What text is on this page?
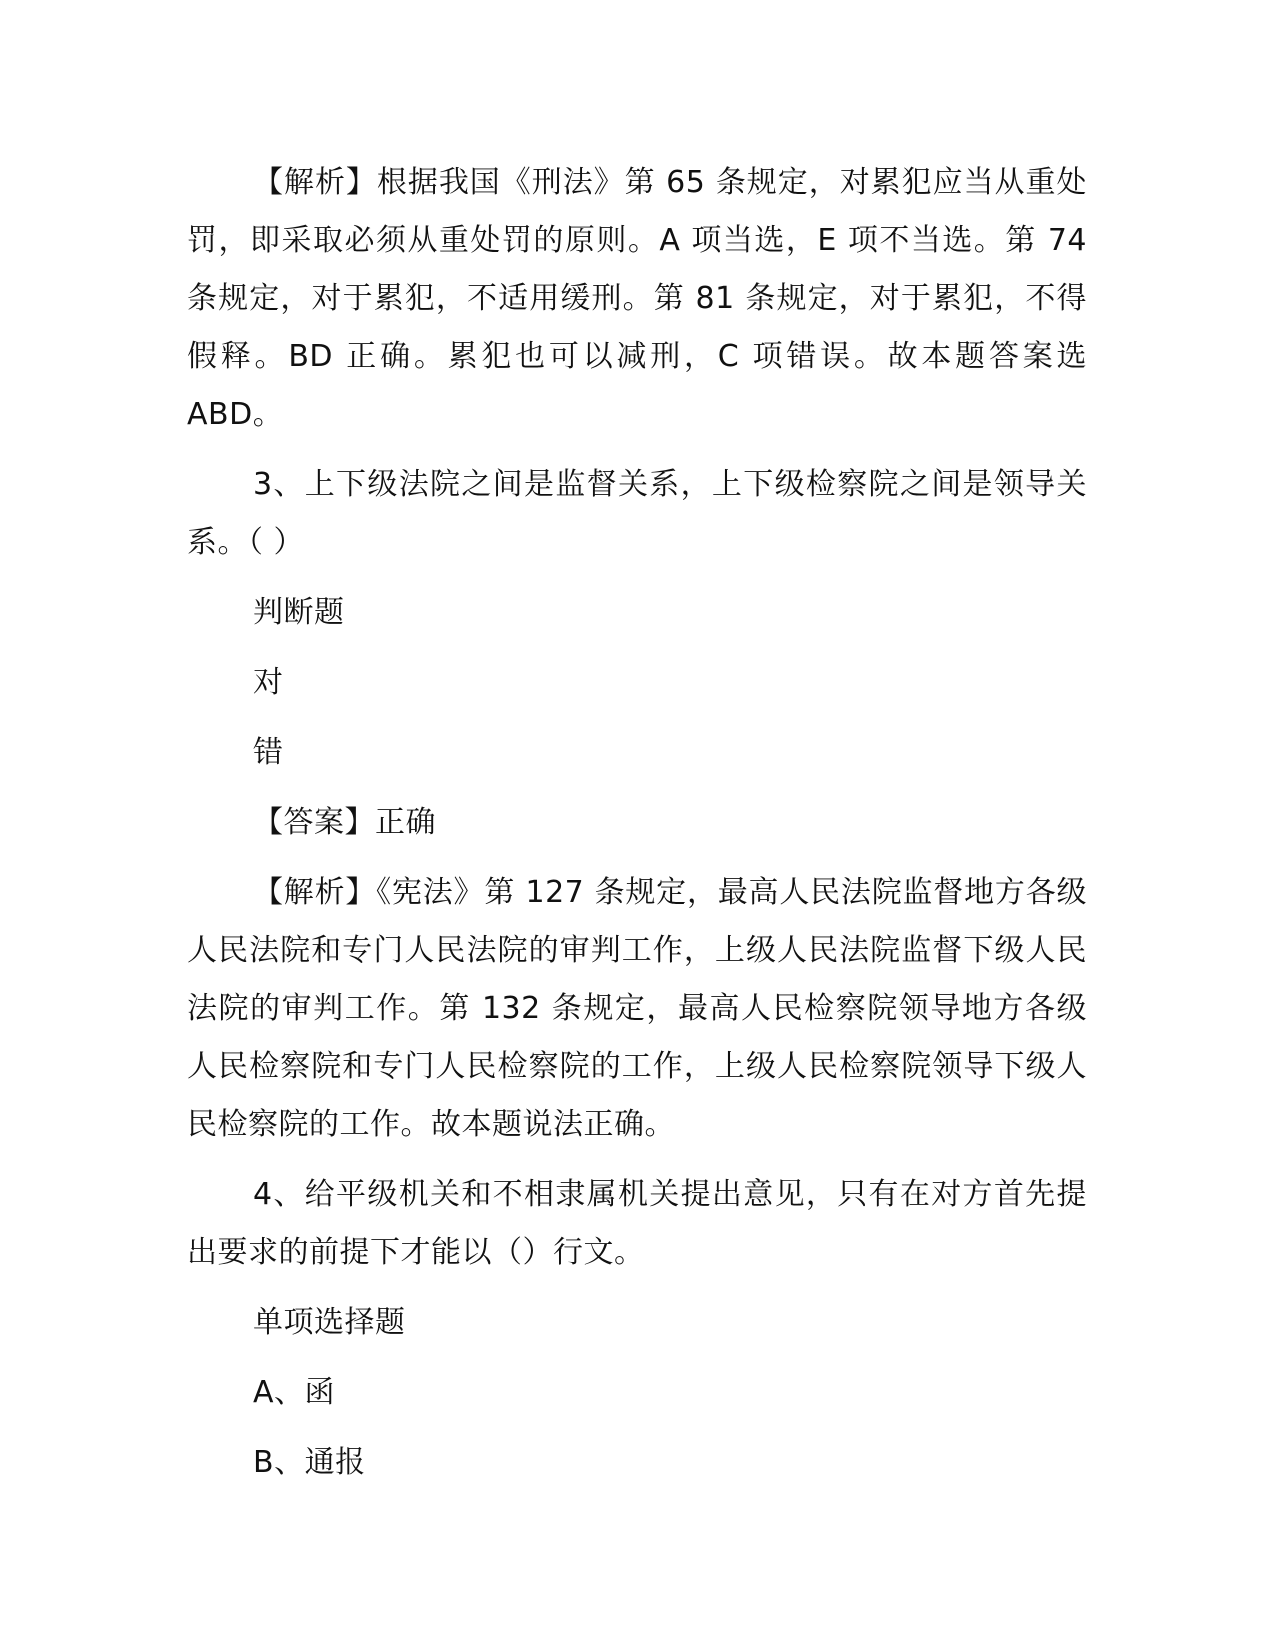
【解析】根据我国《刑法》第 65 条规定，对累犯应当从重处罚，即采取必须从重处罚的原则。A 项当选，E 项不当选。第 74 条规定，对于累犯，不适用缓刑。第 81 条规定，对于累犯，不得假释。BD 正确。累犯也可以减刑，C 项错误。故本题答案选 ABD。

3、上下级法院之间是监督关系，上下级检察院之间是领导关系。（ ）

判断题

对

错

【答案】正确

【解析】《宪法》第 127 条规定，最高人民法院监督地方各级人民法院和专门人民法院的审判工作，上级人民法院监督下级人民法院的审判工作。第 132 条规定，最高人民检察院领导地方各级人民检察院和专门人民检察院的工作，上级人民检察院领导下级人民检察院的工作。故本题说法正确。

4、给平级机关和不相隶属机关提出意见，只有在对方首先提出要求的前提下才能以（）行文。

单项选择题

A、函

B、通报
